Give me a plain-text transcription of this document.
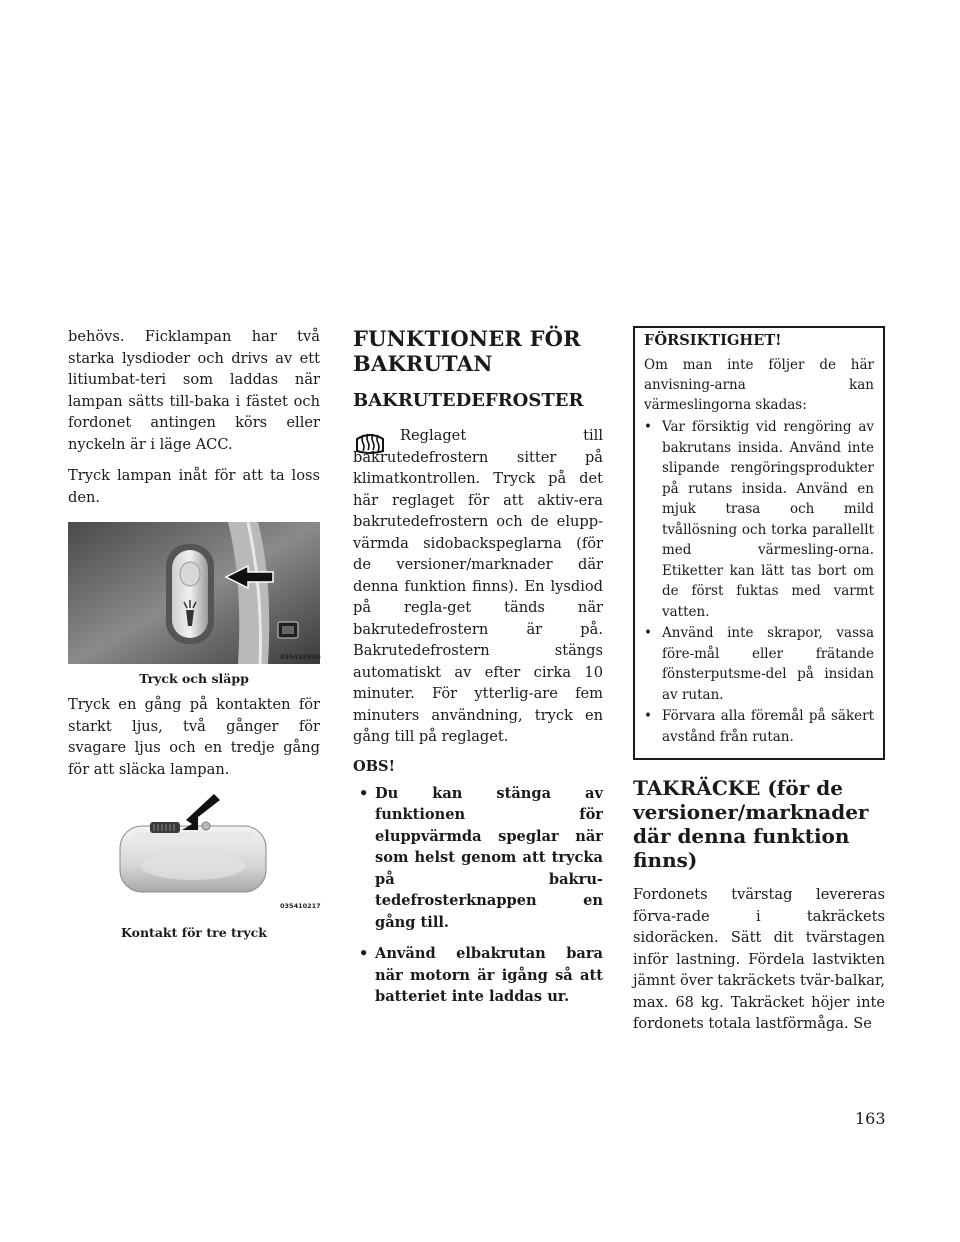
behövs. Ficklampan har två starka lysdioder och drivs av ett litiumbat-teri som laddas när lampan sätts till-baka i fästet och fordonet antingen körs eller nyckeln är i läge ACC.

Tryck lampan inåt för att ta loss den.

035438800
Tryck och släpp

Tryck en gång på kontakten för starkt ljus, två gånger för svagare ljus och en tredje gång för att släcka lampan.

035410217
Kontakt för tre tryck
FUNKTIONER FÖR BAKRUTAN
BAKRUTEDEFROSTER

Reglaget till bakrutedefrostern sitter på klimatkontrollen. Tryck på det här reglaget för att aktiv-era bakrutedefrostern och de elupp-värmda sidobackspeglarna (för de versioner/marknader där denna funktion finns). En lysdiod på regla-get tänds när bakrutedefrostern är på. Bakrutedefrostern stängs automatiskt av efter cirka 10 minuter. För ytterlig-are fem minuters användning, tryck en gång till på reglaget.

OBS!
• Du kan stänga av funktionen för eluppvärmda speglar när som helst genom att trycka på bakru-tedefrosterknappen en gång till.
• Använd elbakrutan bara när motorn är igång så att batteriet inte laddas ur.
FÖRSIKTIGHET!

Om man inte följer de här anvisning-arna kan värmeslingorna skadas:

• Var försiktig vid rengöring av bakrutans insida. Använd inte slipande rengöringsprodukter på rutans insida. Använd en mjuk trasa och mild tvållösning och torka parallellt med värmesling-orna. Etiketter kan lätt tas bort om de först fuktas med varmt vatten.
• Använd inte skrapor, vassa före-mål eller frätande fönsterputsme-del på insidan av rutan.
• Förvara alla föremål på säkert avstånd från rutan.
TAKRÄCKE (för de versioner/marknader där denna funktion finns)

Fordonets tvärstag levereras förva-rade i takräckets sidoräcken. Sätt dit tvärstagen inför lastning. Fördela lastvikten jämnt över takräckets tvär-balkar, max. 68 kg. Takräcket höjer inte fordonets totala lastförmåga. Se

163
